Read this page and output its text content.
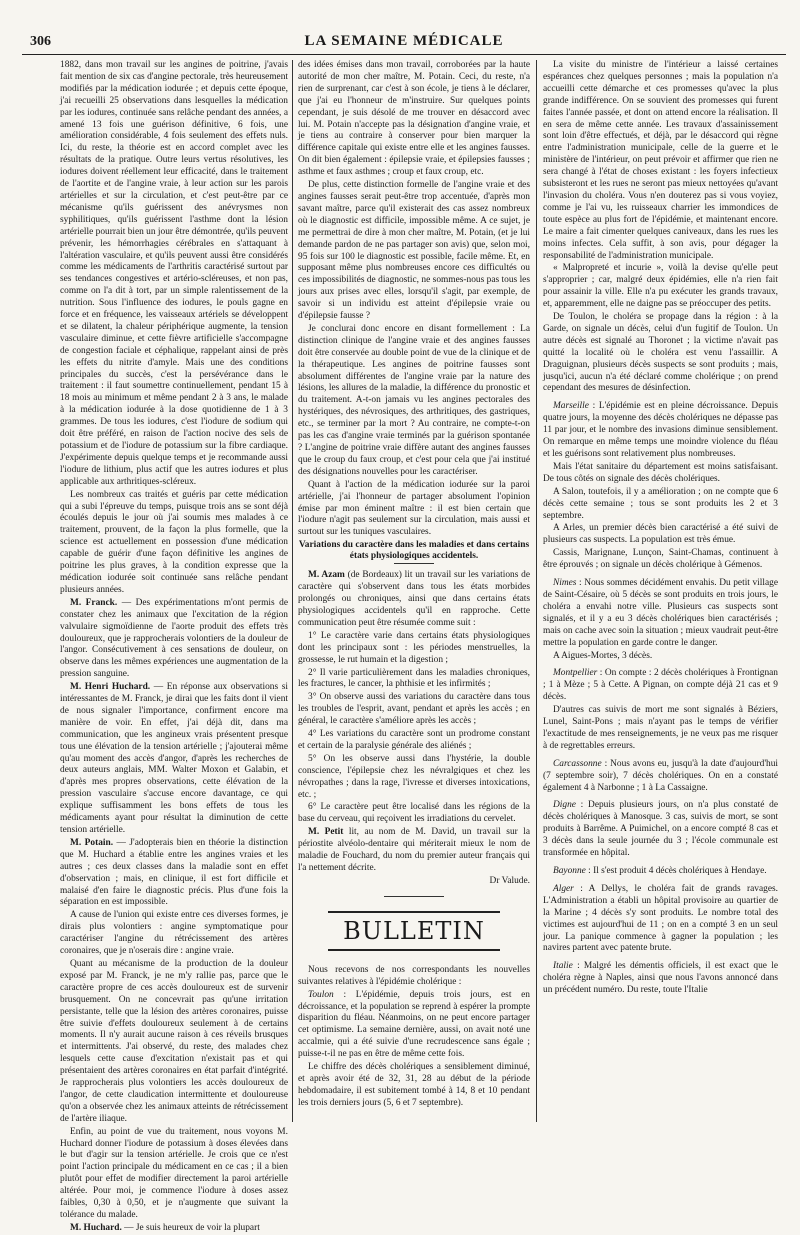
306	LA SEMAINE MÉDICALE

1882, dans mon travail sur les angines de poitrine, j'avais fait mention de six cas d'angine pectorale, très heureusement modifiés par la médication iodurée ; et depuis cette époque, j'ai recueilli 25 observations dans lesquelles la médication par les iodures, continuée sans relâche pendant des années, a amené 13 fois une guérison définitive, 6 fois, une amélioration considérable, 4 fois seulement des effets nuls. Ici, du reste, la théorie est en accord complet avec les résultats de la pratique. Outre leurs vertus résolutives, les iodures doivent réellement leur efficacité, dans le traitement de l'aortite et de l'angine vraie, à leur action sur les parois artérielles et sur la circulation, et c'est peut-être par ce mécanisme qu'ils guérissent des anévrysmes non syphilitiques, qu'ils guérissent l'asthme dont la lésion artérielle pourrait bien un jour être démontrée, qu'ils peuvent prévenir, les hémorrhagies cérébrales en s'attaquant à l'altération vasculaire, et qu'ils peuvent aussi être considérés comme les médicaments de l'arthritis caractérisé surtout par ses tendances congestives et artério-scléreuses, et non pas, comme on l'a dit à tort, par un simple ralentissement de la nutrition. Sous l'influence des iodures, le pouls gagne en force et en fréquence, les vaisseaux artériels se développent et se dilatent, la chaleur périphérique augmente, la tension vasculaire diminue, et cette fièvre artificielle s'accompagne de congestion faciale et céphalique, rappelant ainsi de près les effets du nitrite d'amyle. Mais une des conditions principales du succès, c'est la persévérance dans le traitement : il faut soumettre continuellement, pendant 15 à 18 mois au minimum et même pendant 2 à 3 ans, le malade à la médication iodurée à la dose quotidienne de 1 à 3 grammes. De tous les iodures, c'est l'iodure de sodium qui doit être préféré, en raison de l'action nocive des sels de potassium et de l'iodure de potassium sur la fibre cardiaque. J'expérimente depuis quelque temps et je recommande aussi l'iodure de lithium, plus actif que les autres iodures et plus applicable aux arthritiques-scléreux.

Les nombreux cas traités et guéris par cette médication qui a subi l'épreuve du temps, puisque trois ans se sont déjà écoulés depuis le jour où j'ai soumis mes malades à ce traitement, prouvent, de la façon la plus formelle, que la science est actuellement en possession d'une médication capable de guérir d'une façon définitive les angines de poitrine les plus graves, à la condition expresse que la médication iodurée soit continuée sans relâche pendant plusieurs années.

M. Franck. — Des expérimentations m'ont permis de constater chez les animaux que l'excitation de la région valvulaire sigmoïdienne de l'aorte produit des effets très douloureux, que je rapprocherais volontiers de la douleur de l'angor. Consécutivement à ces sensations de douleur, on observe dans les mêmes expériences une augmentation de la pression sanguine.

M. Henri Huchard. — En réponse aux observations si intéressantes de M. Franck, je dirai que les faits dont il vient de nous signaler l'importance, confirment encore ma manière de voir. En effet, j'ai déjà dit, dans ma communication, que les angineux vrais présentent presque tous une élévation de la tension artérielle ; j'ajouterai même qu'au moment des accès d'angor, d'après les recherches de deux auteurs anglais, MM. Walter Moxon et Galabin, et d'après mes propres observations, cette élévation de la pression vasculaire s'accuse encore davantage, ce qui explique suffisamment les bons effets de tous les médicaments ayant pour résultat la diminution de cette tension artérielle.

M. Potain. — J'adopterais bien en théorie la distinction que M. Huchard a établie entre les angines vraies et les autres ; ces deux classes dans la maladie sont en effet d'observation ; mais, en clinique, il est fort difficile et malaisé d'en faire le diagnostic précis. Plus d'une fois la séparation en est impossible.

A cause de l'union qui existe entre ces diverses formes, je dirais plus volontiers : angine symptomatique pour caractériser l'angine du rétrécissement des artères coronaires, que je n'oserais dire : angine vraie.

Quant au mécanisme de la production de la douleur exposé par M. Franck, je ne m'y rallie pas, parce que le caractère propre de ces accès douloureux est de survenir brusquement. On ne concevrait pas qu'une irritation persistante, telle que la lésion des artères coronaires, puisse être suivie d'effets douloureux seulement à de certains moments. Il n'y aurait aucune raison à ces réveils brusques et intermittents. J'ai observé, du reste, des malades chez lesquels cette cause d'excitation n'existait pas et qui présentaient des artères coronaires en état parfait d'intégrité. Je rapprocherais plus volontiers les accès douloureux de l'angor, de cette claudication intermittente et douloureuse qu'on a observée chez les animaux atteints de rétrécissement de l'artère iliaque.

Enfin, au point de vue du traitement, nous voyons M. Huchard donner l'iodure de potassium à doses élevées dans le but d'agir sur la tension artérielle. Je crois que ce n'est point l'action principale du médicament en ce cas ; il a bien plutôt pour effet de modifier directement la paroi artérielle altérée. Pour moi, je commence l'iodure à doses assez faibles, 0,30 à 0,50, et je n'augmente que suivant la tolérance du malade.

M. Huchard. — Je suis heureux de voir la plupart

des idées émises dans mon travail, corroborées par la haute autorité de mon cher maître, M. Potain. Ceci, du reste, n'a rien de surprenant, car c'est à son école, je tiens à le déclarer, que j'ai eu l'honneur de m'instruire. Sur quelques points cependant, je suis désolé de me trouver en désaccord avec lui. M. Potain n'accepte pas la désignation d'angine vraie, et je tiens au contraire à conserver pour bien marquer la différence capitale qui existe entre elle et les angines fausses. On dit bien également : épilepsie vraie, et épilepsies fausses ; asthme et faux asthmes ; croup et faux croup, etc.

De plus, cette distinction formelle de l'angine vraie et des angines fausses serait peut-être trop accentuée, d'après mon savant maître, parce qu'il existerait des cas assez nombreux où le diagnostic est difficile, impossible même. A ce sujet, je me permettrai de dire à mon cher maître, M. Potain, (et je lui demande pardon de ne pas partager son avis) que, selon moi, 95 fois sur 100 le diagnostic est possible, facile même. Et, en supposant même plus nombreuses encore ces difficultés ou ces impossibilités de diagnostic, ne sommes-nous pas tous les jours aux prises avec elles, lorsqu'il s'agit, par exemple, de savoir si un individu est atteint d'épilepsie vraie ou d'épilepsie fausse ?

Je conclurai donc encore en disant formellement : La distinction clinique de l'angine vraie et des angines fausses doit être conservée au double point de vue de la clinique et de la thérapeutique. Les angines de poitrine fausses sont absolument différentes de l'angine vraie par la nature des lésions, les allures de la maladie, la différence du pronostic et du traitement. A-t-on jamais vu les angines pectorales des hystériques, des névrosiques, des arthritiques, des gastriques, etc., se terminer par la mort ? Au contraire, ne compte-t-on pas les cas d'angine vraie terminés par la guérison spontanée ? L'angine de poitrine vraie diffère autant des angines fausses que le croup du faux croup, et c'est pour cela que j'ai institué des désignations nouvelles pour les caractériser.

Quant à l'action de la médication iodurée sur la paroi artérielle, j'ai l'honneur de partager absolument l'opinion émise par mon éminent maître : il est bien certain que l'iodure n'agit pas seulement sur la circulation, mais aussi et surtout sur les tuniques vasculaires.

Variations du caractère dans les maladies et dans certains états physiologiques accidentels.

M. Azam (de Bordeaux) lit un travail sur les variations de caractère qui s'observent dans tous les états morbides prolongés ou chroniques, ainsi que dans certains états physiologiques accidentels qu'il en rapproche. Cette communication peut être résumée comme suit :

1° Le caractère varie dans certains états physiologiques dont les principaux sont : les périodes menstruelles, la grossesse, le rut humain et la digestion ;

2° Il varie particulièrement dans les maladies chroniques, les fractures, le cancer, la phthisie et les infirmités ;

3° On observe aussi des variations du caractère dans tous les troubles de l'esprit, avant, pendant et après les accès ; en général, le caractère s'améliore après les accès ;

4° Les variations du caractère sont un prodrome constant et certain de la paralysie générale des aliénés ;

5° On les observe aussi dans l'hystérie, la double conscience, l'épilepsie chez les névralgiques et chez les névropathes ; dans la rage, l'ivresse et diverses intoxications, etc. ;

6° Le caractère peut être localisé dans les régions de la base du cerveau, qui reçoivent les irradiations du cervelet.

M. Petit lit, au nom de M. David, un travail sur la périostite alvéolo-dentaire qui mériterait mieux le nom de maladie de Fouchard, du nom du premier auteur français qui l'a nettement décrite.

Dr Valude.

BULLETIN

Nous recevons de nos correspondants les nouvelles suivantes relatives à l'épidémie cholérique :

Toulon : L'épidémie, depuis trois jours, est en décroissance, et la population se reprend à espérer la prompte disparition du fléau. Néanmoins, on ne peut encore partager cet optimisme. La semaine dernière, aussi, on avait noté une accalmie, qui a été suivie d'une recrudescence sans égale ; puisse-t-il ne pas en être de même cette fois.

Le chiffre des décès cholériques a sensiblement diminué, et après avoir été de 32, 31, 28 au début de la période hebdomadaire, il est subitement tombé à 14, 8 et 10 pendant les trois derniers jours (5, 6 et 7 septembre).

La visite du ministre de l'intérieur a laissé certaines espérances chez quelques personnes ; mais la population n'a accueilli cette démarche et ces promesses qu'avec la plus grande indifférence. On se souvient des promesses qui furent faites l'année passée, et dont on attend encore la réalisation. Il en sera de même cette année. Les travaux d'assainissement sont loin d'être effectués, et déjà, par le désaccord qui règne entre l'administration municipale, celle de la guerre et le ministère de l'intérieur, on peut prévoir et affirmer que rien ne sera changé à l'état de choses existant : les foyers infectieux subsisteront et les rues ne seront pas mieux nettoyées qu'avant l'invasion du choléra. Vous n'en douterez pas si vous voyiez, comme je l'ai vu, les ruisseaux charrier les immondices de toute espèce au plus fort de l'épidémie, et maintenant encore. Le maire a fait cimenter quelques caniveaux, dans les rues les moins infectes. Cela suffit, à son avis, pour dégager la responsabilité de l'administration municipale.

« Malpropreté et incurie », voilà la devise qu'elle peut s'approprier ; car, malgré deux épidémies, elle n'a rien fait pour assainir la ville. Elle n'a pu exécuter les grands travaux, et, apparemment, elle ne daigne pas se préoccuper des petits.

De Toulon, le choléra se propage dans la région : à la Garde, on signale un décès, celui d'un fugitif de Toulon. Un autre décès est signalé au Thoronet ; la victime n'avait pas quitté la localité où le choléra est venu l'assaillir. A Draguignan, plusieurs décès suspects se sont produits ; mais, jusqu'ici, aucun n'a été déclaré comme cholérique ; on prend cependant des mesures de désinfection.

Marseille : L'épidémie est en pleine décroissance. Depuis quatre jours, la moyenne des décès cholériques ne dépasse pas 11 par jour, et le nombre des invasions diminue sensiblement. On remarque en même temps une moindre violence du fléau et les guérisons sont relativement plus nombreuses.

Mais l'état sanitaire du département est moins satisfaisant. De tous côtés on signale des décès cholériques.

A Salon, toutefois, il y a amélioration ; on ne compte que 6 décès cette semaine ; tous se sont produits les 2 et 3 septembre.

A Arles, un premier décès bien caractérisé a été suivi de plusieurs cas suspects. La population est très émue.

Cassis, Marignane, Lunçon, Saint-Chamas, continuent à être éprouvés ; on signale un décès cholérique à Gémenos.

Nimes : Nous sommes décidément envahis. Du petit village de Saint-Césaire, où 5 décès se sont produits en trois jours, le choléra a envahi notre ville. Plusieurs cas suspects sont signalés, et il y a eu 3 décès cholériques bien caractérisés ; mais on cache avec soin la situation ; mieux vaudrait peut-être mettre la population en garde contre le danger.

A Aigues-Mortes, 3 décès.

Montpellier : On compte : 2 décès cholériques à Frontignan ; 1 à Mèze ; 5 à Cette. A Pignan, on compte déjà 21 cas et 9 décès.

D'autres cas suivis de mort me sont signalés à Béziers, Lunel, Saint-Pons ; mais n'ayant pas le temps de vérifier l'exactitude de mes renseignements, je ne veux pas me risquer à de regrettables erreurs.

Carcassonne : Nous avons eu, jusqu'à la date d'aujourd'hui (7 septembre soir), 7 décès cholériques. On en a constaté également 4 à Narbonne ; 1 à La Cassaigne.

Digne : Depuis plusieurs jours, on n'a plus constaté de décès cholériques à Manosque. 3 cas, suivis de mort, se sont produits à Barrême. A Puimichel, on a encore compté 8 cas et 3 décès dans la seule journée du 3 ; l'école communale est transformée en hôpital.

Bayonne : Il s'est produit 4 décès cholériques à Hendaye.

Alger : A Dellys, le choléra fait de grands ravages. L'Administration a établi un hôpital provisoire au quartier de la Marine ; 4 décès s'y sont produits. Le nombre total des victimes est aujourd'hui de 11 ; on en a compté 3 en un seul jour. La panique commence à gagner la population ; les navires partent avec patente brute.

Italie : Malgré les démentis officiels, il est exact que le choléra règne à Naples, ainsi que nous l'avons annoncé dans un précédent numéro. Du reste, toute l'Italie
